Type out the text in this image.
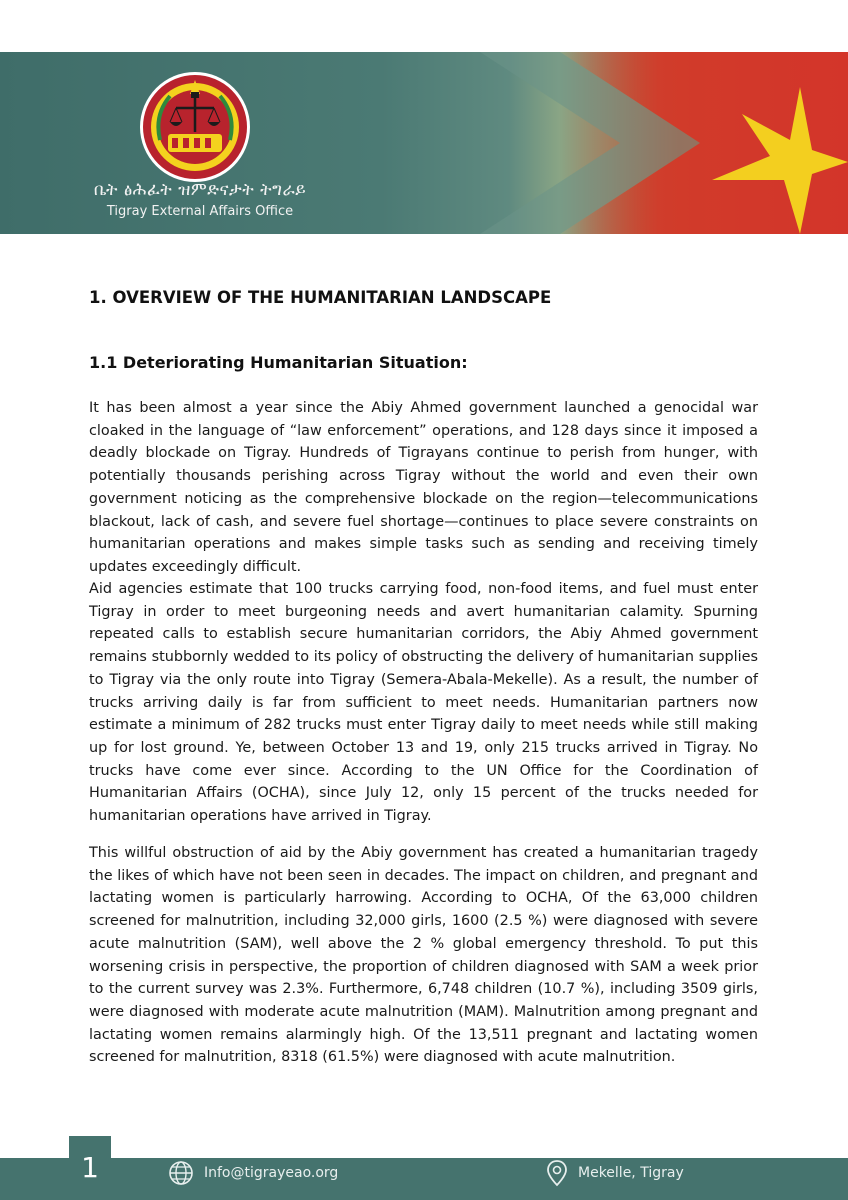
ቤት ፅሕፈት ዝምድናታት ትግራይ
Tigray External Affairs Office
1. OVERVIEW OF THE HUMANITARIAN LANDSCAPE
1.1 Deteriorating Humanitarian Situation:

It has been almost a year since the Abiy Ahmed government launched a genocidal war cloaked in the language of “law enforcement” operations, and 128 days since it imposed a deadly blockade on Tigray. Hundreds of Tigrayans continue to perish from hunger, with potentially thousands perishing across Tigray without the world and even their own government noticing as the comprehensive blockade on the region—telecommunications blackout, lack of cash, and severe fuel shortage—continues to place severe constraints on humanitarian operations and makes simple tasks such as sending and receiving timely updates exceedingly difficult.

Aid agencies estimate that 100 trucks carrying food, non-food items, and fuel must enter Tigray in order to meet burgeoning needs and avert humanitarian calamity. Spurning repeated calls to establish secure humanitarian corridors, the Abiy Ahmed government remains stubbornly wedded to its policy of obstructing the delivery of humanitarian supplies to Tigray via the only route into Tigray (Semera-Abala-Mekelle). As a result, the number of trucks arriving daily is far from sufficient to meet needs. Humanitarian partners now estimate a minimum of 282 trucks must enter Tigray daily to meet needs while still making up for lost ground. Ye, between October 13 and 19, only 215 trucks arrived in Tigray. No trucks have come ever since. According to the UN Office for the Coordination of Humanitarian Affairs (OCHA), since July 12, only 15 percent of the trucks needed for humanitarian operations have arrived in Tigray.

This willful obstruction of aid by the Abiy government has created a humanitarian tragedy the likes of which have not been seen in decades. The impact on children, and pregnant and lactating women is particularly harrowing. According to OCHA, Of the 63,000 children screened for malnutrition, including 32,000 girls, 1600 (2.5 %) were diagnosed with severe acute malnutrition (SAM), well above the 2 % global emergency threshold. To put this worsening crisis in perspective, the proportion of children diagnosed with SAM a week prior to the current survey was 2.3%. Furthermore, 6,748 children (10.7 %), including 3509 girls, were diagnosed with moderate acute malnutrition (MAM). Malnutrition among pregnant and lactating women remains alarmingly high. Of the 13,511 pregnant and lactating women screened for malnutrition, 8318 (61.5%) were diagnosed with acute malnutrition.

1	Info@tigrayeao.org	Mekelle, Tigray
